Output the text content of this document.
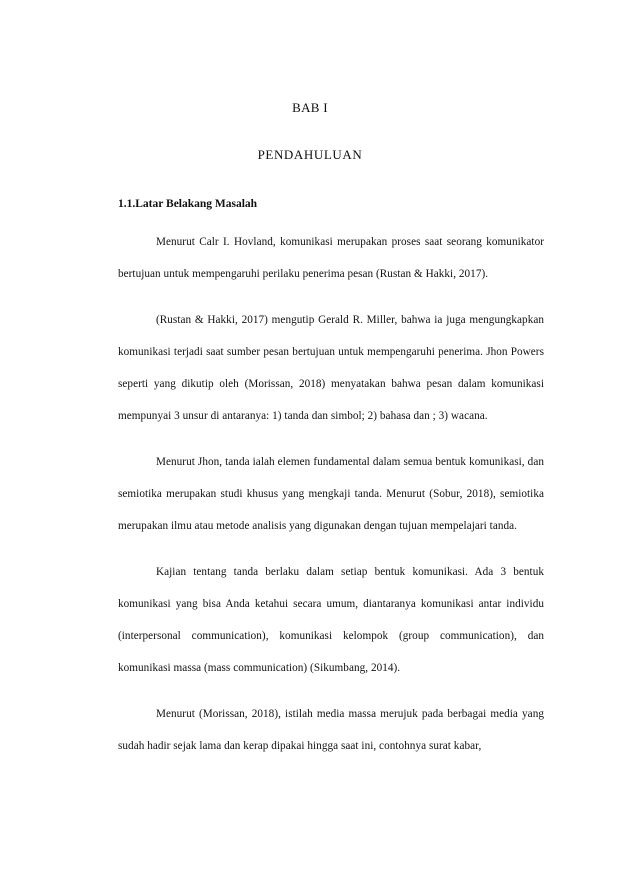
BAB I
PENDAHULUAN
1.1.Latar Belakang Masalah

Menurut Calr I. Hovland, komunikasi merupakan proses saat seorang komunikator bertujuan untuk mempengaruhi perilaku penerima pesan (Rustan & Hakki, 2017).

(Rustan & Hakki, 2017) mengutip Gerald R. Miller, bahwa ia juga mengungkapkan komunikasi terjadi saat sumber pesan bertujuan untuk mempengaruhi penerima. Jhon Powers seperti yang dikutip oleh (Morissan, 2018) menyatakan bahwa pesan dalam komunikasi mempunyai 3 unsur di antaranya: 1) tanda dan simbol; 2) bahasa dan ; 3) wacana.

Menurut Jhon, tanda ialah elemen fundamental dalam semua bentuk komunikasi, dan semiotika merupakan studi khusus yang mengkaji tanda. Menurut (Sobur, 2018), semiotika merupakan ilmu atau metode analisis yang digunakan dengan tujuan mempelajari tanda.

Kajian tentang tanda berlaku dalam setiap bentuk komunikasi. Ada 3 bentuk komunikasi yang bisa Anda ketahui secara umum, diantaranya komunikasi antar individu (interpersonal communication), komunikasi kelompok (group communication), dan komunikasi massa (mass communication) (Sikumbang, 2014).

Menurut (Morissan, 2018), istilah media massa merujuk pada berbagai media yang sudah hadir sejak lama dan kerap dipakai hingga saat ini, contohnya surat kabar,
